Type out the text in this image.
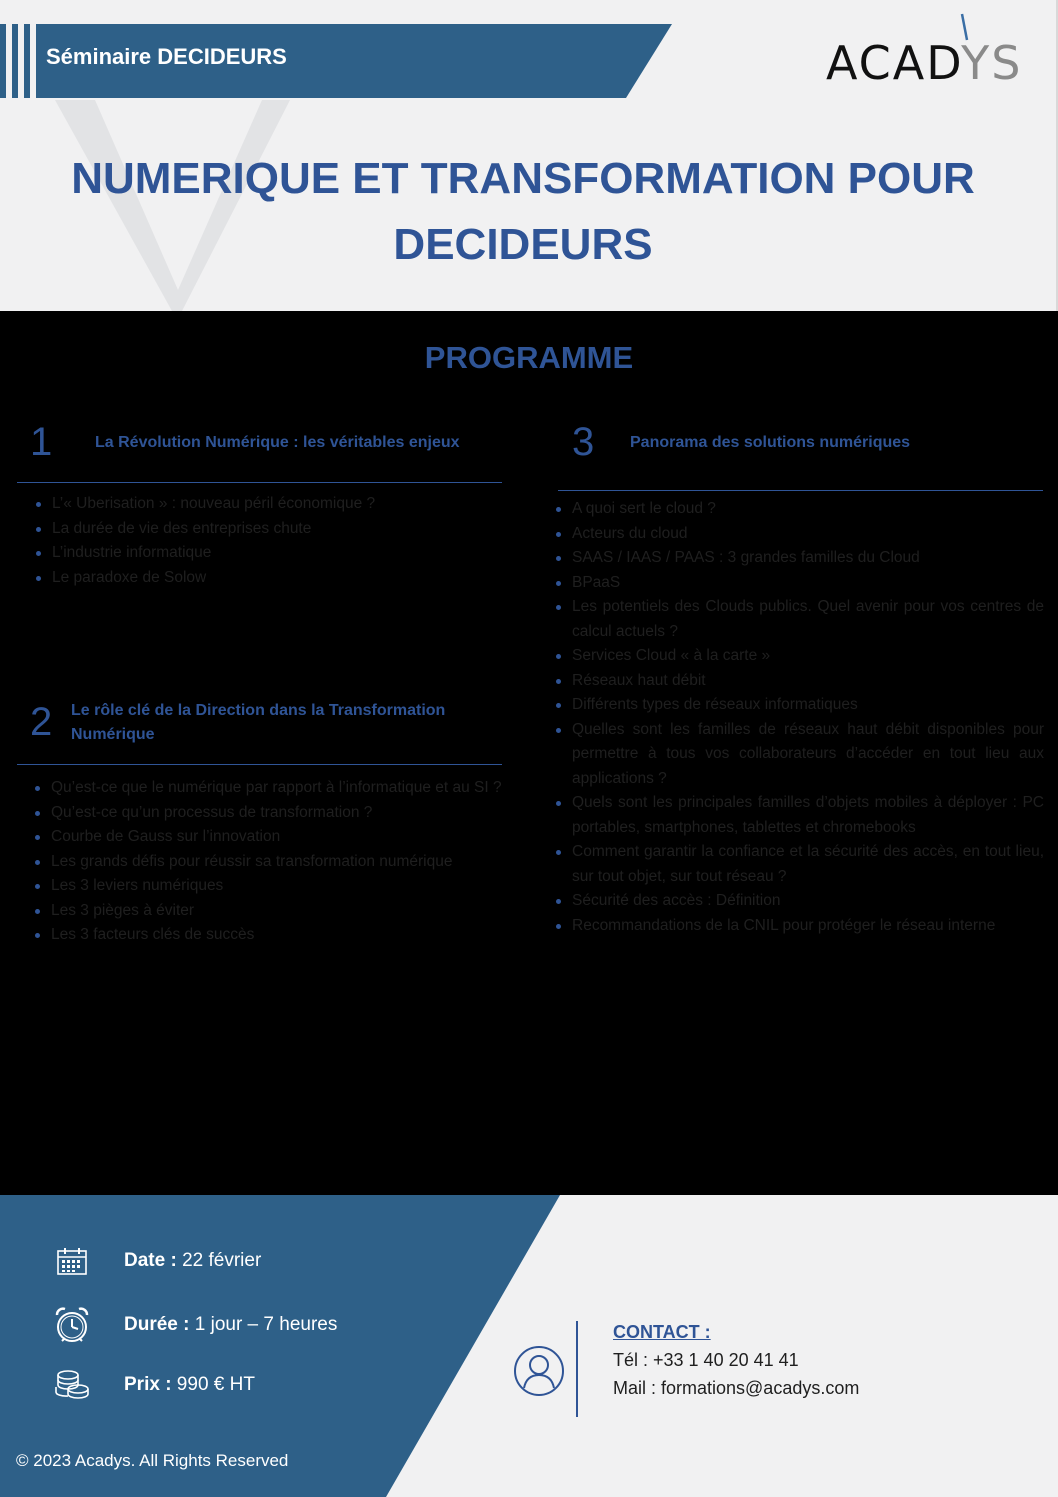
Séminaire DECIDEURS	ACADYS
NUMERIQUE ET TRANSFORMATION POUR DECIDEURS
PROGRAMME
1	La Révolution Numérique : les véritables enjeux
L’« Uberisation » : nouveau péril économique ?
La durée de vie des entreprises chute
L’industrie informatique
Le paradoxe de Solow
2 Le rôle clé de la Direction dans la Transformation Numérique
Qu’est-ce que le numérique par rapport à l’informatique et au SI ?
Qu’est-ce qu’un processus de transformation ?
Courbe de Gauss sur l’innovation
Les grands défis pour réussir sa transformation numérique
Les 3 leviers numériques
Les 3 pièges à éviter
Les 3 facteurs clés de succès
3 Panorama des solutions numériques
A quoi sert le cloud ?
Acteurs du cloud
SAAS / IAAS / PAAS : 3 grandes familles du Cloud
BPaaS
Les potentiels des Clouds publics. Quel avenir pour vos centres de calcul actuels ?
Services Cloud « à la carte »
Réseaux haut débit
Différents types de réseaux informatiques
Quelles sont les familles de réseaux haut débit disponibles pour permettre à tous vos collaborateurs d’accéder en tout lieu aux applications ?
Quels sont les principales familles d’objets mobiles à déployer : PC portables, smartphones, tablettes et chromebooks
Comment garantir la confiance et la sécurité des accès, en tout lieu, sur tout objet, sur tout réseau ?
Sécurité des accès : Définition
Recommandations de la CNIL pour protéger le réseau interne
Date : 22 février
Durée : 1 jour – 7 heures
Prix : 990 € HT
© 2023 Acadys. All Rights Reserved
CONTACT :
Tél : +33 1 40 20 41 41
Mail : formations@acadys.com
